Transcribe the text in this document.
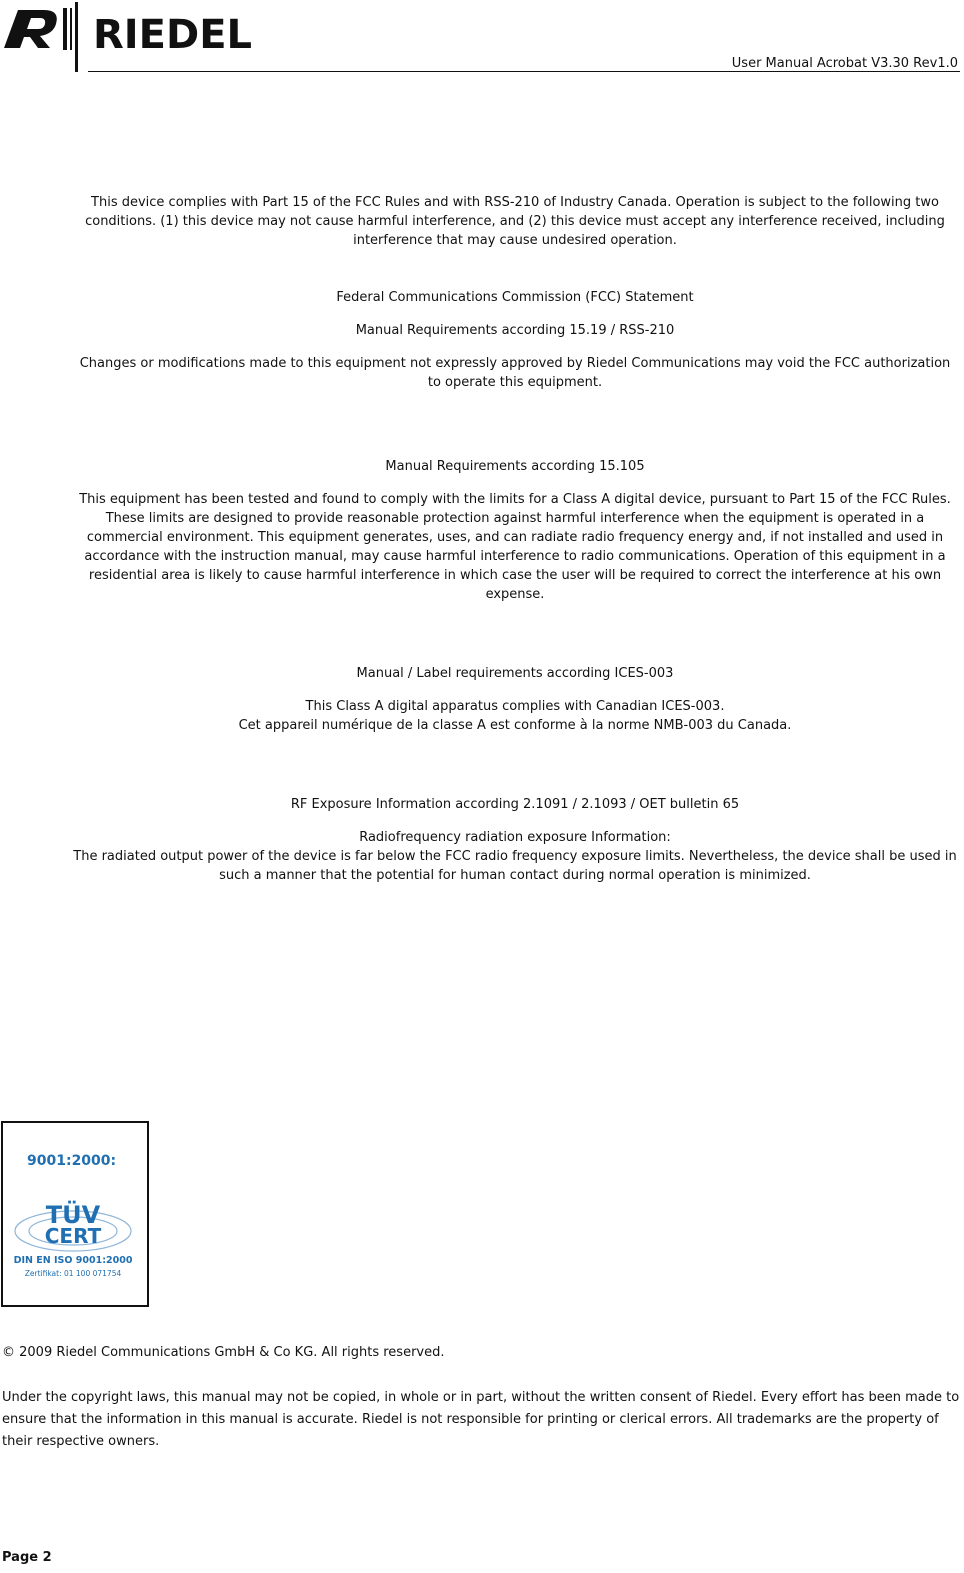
RIEDEL
User Manual Acrobat V3.30 Rev1.0

This device complies with Part 15 of the FCC Rules and with RSS-210 of Industry Canada. Operation is subject to the following two conditions. (1) this device may not cause harmful interference, and (2) this device must accept any interference received, including interference that may cause undesired operation.

Federal Communications Commission (FCC) Statement

Manual Requirements according 15.19 / RSS-210

Changes or modifications made to this equipment not expressly approved by Riedel Communications may void the FCC authorization to operate this equipment.

Manual Requirements according 15.105

This equipment has been tested and found to comply with the limits for a Class A digital device, pursuant to Part 15 of the FCC Rules. These limits are designed to provide reasonable protection against harmful interference when the equipment is operated in a commercial environment. This equipment generates, uses, and can radiate radio frequency energy and, if not installed and used in accordance with the instruction manual, may cause harmful interference to radio communications. Operation of this equipment in a residential area is likely to cause harmful interference in which case the user will be required to correct the interference at his own expense.

Manual / Label requirements according ICES-003

This Class A digital apparatus complies with Canadian ICES-003.

Cet appareil numérique de la classe A est conforme à la norme NMB-003 du Canada.

RF Exposure Information according 2.1091 / 2.1093 / OET bulletin 65

Radiofrequency radiation exposure Information:

The radiated output power of the device is far below the FCC radio frequency exposure limits. Nevertheless, the device shall be used in such a manner that the potential for human contact during normal operation is minimized.

9001:2000:
TÜV
CERT
DIN EN ISO 9001:2000
Zertifikat: 01 100 071754
© 2009 Riedel Communications GmbH & Co KG. All rights reserved.
Under the copyright laws, this manual may not be copied, in whole or in part, without the written consent of Riedel. Every effort has been made to ensure that the information in this manual is accurate. Riedel is not responsible for printing or clerical errors. All trademarks are the property of their respective owners.
Page 2
